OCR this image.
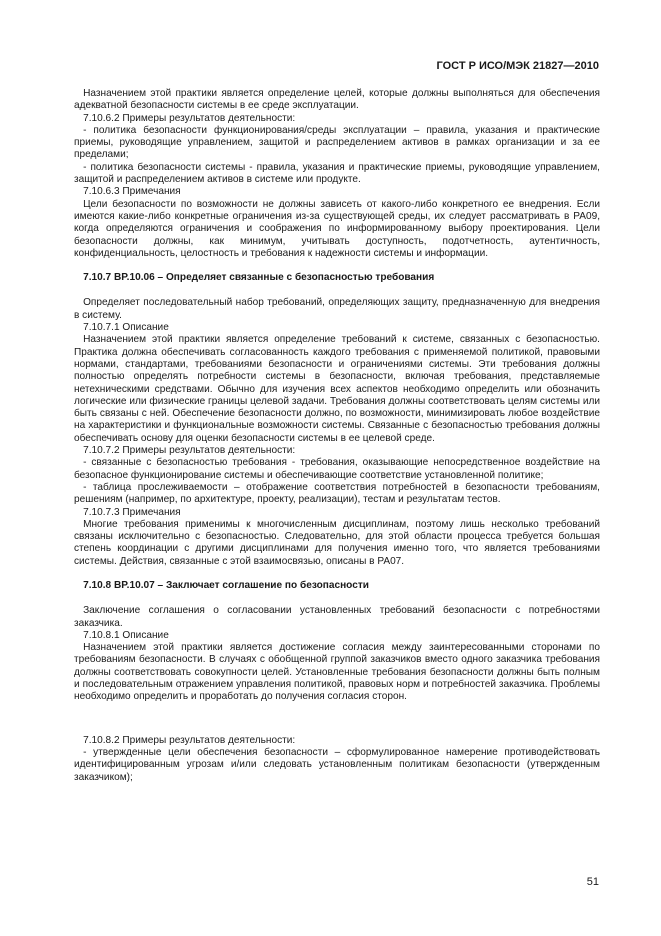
ГОСТ Р ИСО/МЭК 21827—2010

Назначением этой практики является определение целей, которые должны выполняться для обеспечения адекватной безопасности системы в ее среде эксплуатации.

7.10.6.2 Примеры результатов деятельности:

- политика безопасности функционирования/среды эксплуатации – правила, указания и практические приемы, руководящие управлением, защитой и распределением активов в рамках организации и за ее пределами;

- политика безопасности системы - правила, указания и практические приемы, руководящие управлением, защитой и распределением активов в системе или продукте.

7.10.6.3 Примечания

Цели безопасности по возможности не должны зависеть от какого-либо конкретного ее внедрения. Если имеются какие-либо конкретные ограничения из-за существующей среды, их следует рассматривать в PA09, когда определяются ограничения и соображения по информированному выбору проектирования. Цели безопасности должны, как минимум, учитывать доступность, подотчетность, аутентичность, конфиденциальность, целостность и требования к надежности системы и информации.

7.10.7 BP.10.06 – Определяет связанные с безопасностью требования

Определяет последовательный набор требований, определяющих защиту, предназначенную для внедрения в систему.

7.10.7.1 Описание

Назначением этой практики является определение требований к системе, связанных с безопасностью. Практика должна обеспечивать согласованность каждого требования с применяемой политикой, правовыми нормами, стандартами, требованиями безопасности и ограничениями системы. Эти требования должны полностью определять потребности системы в безопасности, включая требования, представляемые нетехническими средствами. Обычно для изучения всех аспектов необходимо определить или обозначить логические или физические границы целевой задачи. Требования должны соответствовать целям системы или быть связаны с ней. Обеспечение безопасности должно, по возможности, минимизировать любое воздействие на характеристики и функциональные возможности системы. Связанные с безопасностью требования должны обеспечивать основу для оценки безопасности системы в ее целевой среде.

7.10.7.2 Примеры результатов деятельности:

- связанные с безопасностью требования - требования, оказывающие непосредственное воздействие на безопасное функционирование системы и обеспечивающие соответствие установленной политике;

- таблица прослеживаемости – отображение соответствия потребностей в безопасности требованиям, решениям (например, по архитектуре, проекту, реализации), тестам и результатам тестов.

7.10.7.3 Примечания

Многие требования применимы к многочисленным дисциплинам, поэтому лишь несколько требований связаны исключительно с безопасностью. Следовательно, для этой области процесса требуется большая степень координации с другими дисциплинами для получения именно того, что является требованиями системы. Действия, связанные с этой взаимосвязью, описаны в PA07.

7.10.8 BP.10.07 – Заключает соглашение по безопасности

Заключение соглашения о согласовании установленных требований безопасности с потребностями заказчика.

7.10.8.1 Описание

Назначением этой практики является достижение согласия между заинтересованными сторонами по требованиям безопасности. В случаях с обобщенной группой заказчиков вместо одного заказчика требования должны соответствовать совокупности целей. Установленные требования безопасности должны быть полным и последовательным отражением управления политикой, правовых норм и потребностей заказчика. Проблемы необходимо определить и проработать до получения согласия сторон.

7.10.8.2 Примеры результатов деятельности:

- утвержденные цели обеспечения безопасности – сформулированное намерение противодействовать идентифицированным угрозам и/или следовать установленным политикам безопасности (утвержденным заказчиком);

51
